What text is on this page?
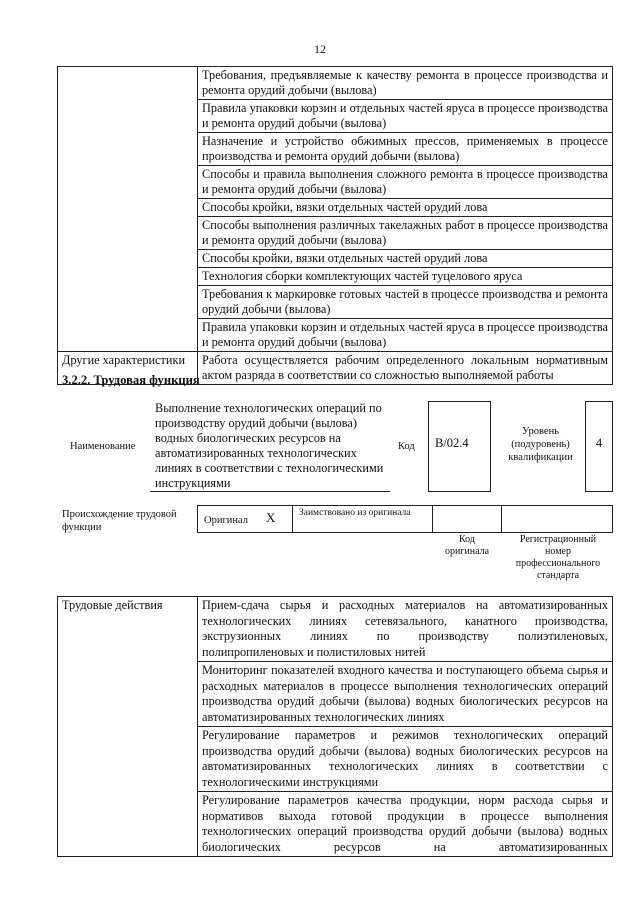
12
	Требования, предъявляемые к качеству ремонта в процессе производства и ремонта орудий добычи (вылова)
	Правила упаковки корзин и отдельных частей яруса в процессе производства и ремонта орудий добычи (вылова)
	Назначение и устройство обжимных прессов, применяемых в процессе производства и ремонта орудий добычи (вылова)
	Способы и правила выполнения сложного ремонта в процессе производства и ремонта орудий добычи (вылова)
	Способы кройки, вязки отдельных частей орудий лова
	Способы выполнения различных такелажных работ в процессе производства и ремонта орудий добычи (вылова)
	Способы кройки, вязки отдельных частей орудий лова
	Технология сборки комплектующих частей туцелового яруса
	Требования к маркировке готовых частей в процессе производства и ремонта орудий добычи (вылова)
	Правила упаковки корзин и отдельных частей яруса в процессе производства и ремонта орудий добычи (вылова)
Другие характеристики	Работа осуществляется рабочим определенного локальным нормативным актом разряда в соответствии со сложностью выполняемой работы
3.2.2. Трудовая функция
Наименование
Выполнение технологических операций по производству орудий добычи (вылова) водных биологических ресурсов на автоматизированных технологических линиях в соответствии с технологическими инструкциями
Код	B/02.4
Уровень (подуровень) квалификации
4
Происхождение трудовой функции
Оригинал X Заимствовано из оригинала
Код оригинала
Регистрационный номер профессионального стандарта
Трудовые действия	Прием-сдача сырья и расходных материалов на автоматизированных технологических линиях сетевязального, канатного производства, экструзионных линиях по производству полиэтиленовых, полипропиленовых и полистиловых нитей
Мониторинг показателей входного качества и поступающего объема сырья и расходных материалов в процессе выполнения технологических операций производства орудий добычи (вылова) водных биологических ресурсов на автоматизированных технологических линиях
Регулирование параметров и режимов технологических операций производства орудий добычи (вылова) водных биологических ресурсов на автоматизированных технологических линиях в соответствии с технологическими инструкциями
Регулирование параметров качества продукции, норм расхода сырья и нормативов выхода готовой продукции в процессе выполнения технологических операций производства орудий добычи (вылова) водных биологических ресурсов на автоматизированных
